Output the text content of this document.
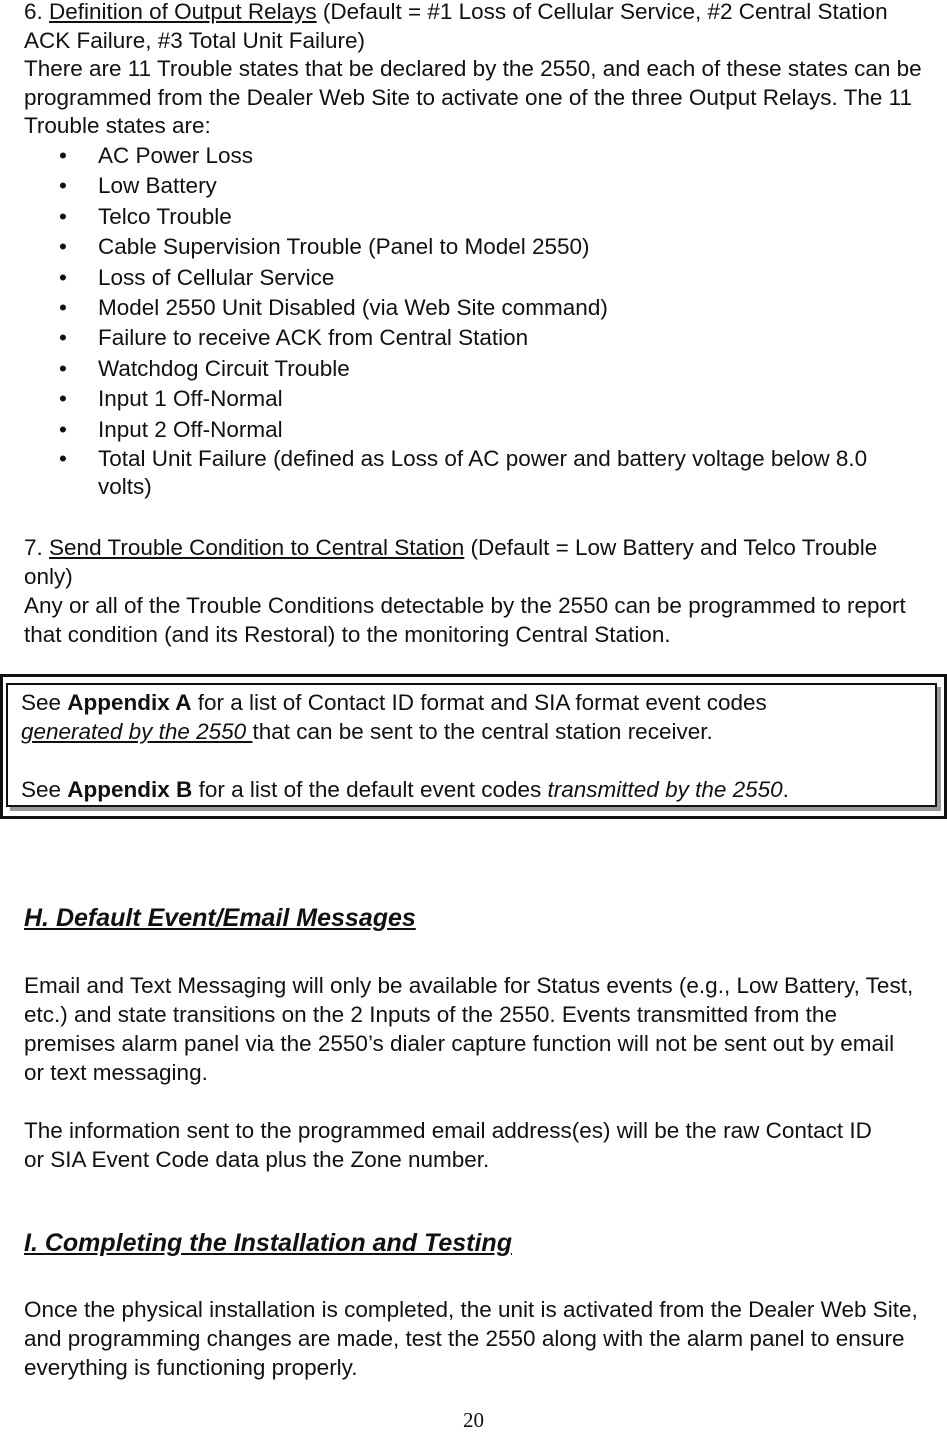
6. Definition of Output Relays (Default = #1 Loss of Cellular Service, #2 Central Station ACK Failure, #3 Total Unit Failure)
There are 11 Trouble states that be declared by the 2550, and each of these states can be programmed from the Dealer Web Site to activate one of the three Output Relays. The 11 Trouble states are:

• AC Power Loss
• Low Battery
• Telco Trouble
• Cable Supervision Trouble (Panel to Model 2550)
• Loss of Cellular Service
• Model 2550 Unit Disabled (via Web Site command)
• Failure to receive ACK from Central Station
• Watchdog Circuit Trouble
• Input 1 Off-Normal
• Input 2 Off-Normal
• Total Unit Failure (defined as Loss of AC power and battery voltage below 8.0 volts)

7. Send Trouble Condition to Central Station (Default = Low Battery and Telco Trouble only)
Any or all of the Trouble Conditions detectable by the 2550 can be programmed to report that condition (and its Restoral) to the monitoring Central Station.

H. Default Event/Email Messages

Email and Text Messaging will only be available for Status events (e.g., Low Battery, Test, etc.) and state transitions on the 2 Inputs of the 2550. Events transmitted from the premises alarm panel via the 2550’s dialer capture function will not be sent out by email or text messaging.

The information sent to the programmed email address(es) will be the raw Contact ID or SIA Event Code data plus the Zone number.

I. Completing the Installation and Testing

Once the physical installation is completed, the unit is activated from the Dealer Web Site, and programming changes are made, test the 2550 along with the alarm panel to ensure everything is functioning properly.

See Appendix A for a list of Contact ID format and SIA format event codes
generated by the 2550 that can be sent to the central station receiver.

See Appendix B for a list of the default event codes transmitted by the 2550.

20
